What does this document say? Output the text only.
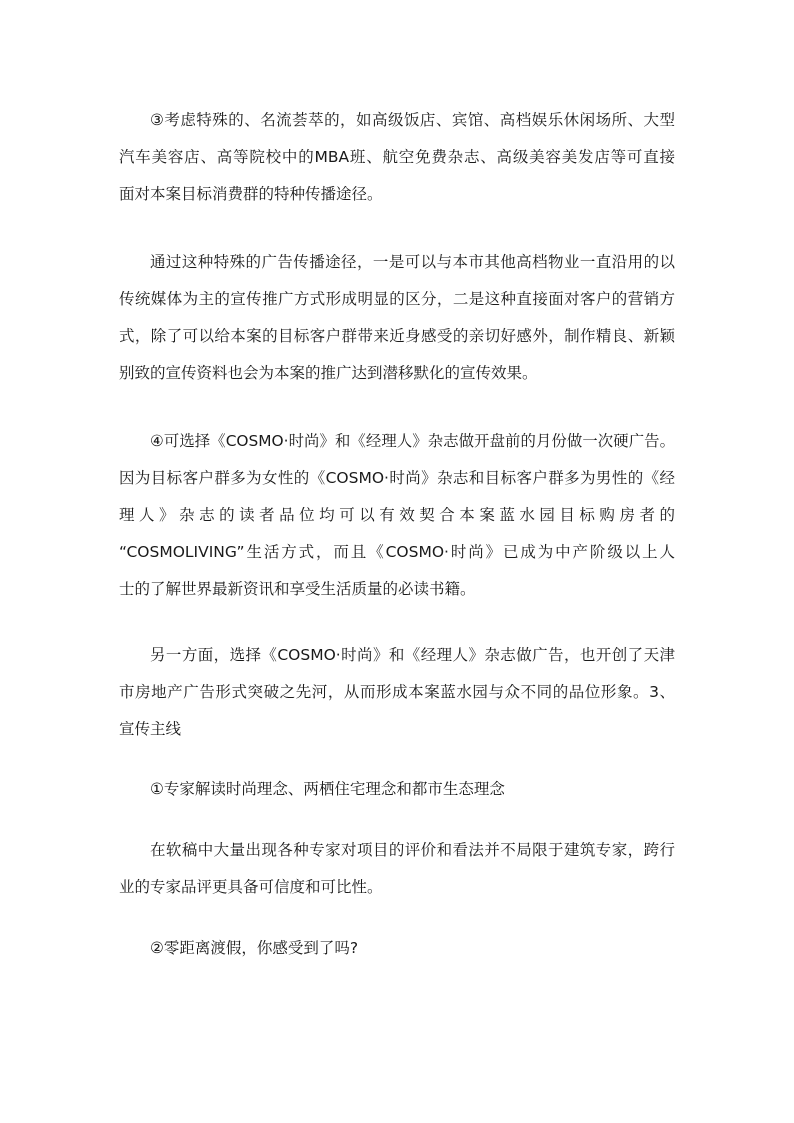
③考虑特殊的、名流荟萃的，如高级饭店、宾馆、高档娱乐休闲场所、大型
汽车美容店、高等院校中的MBA班、航空免费杂志、高级美容美发店等可直接
面对本案目标消费群的特种传播途径。

通过这种特殊的广告传播途径，一是可以与本市其他高档物业一直沿用的以
传统媒体为主的宣传推广方式形成明显的区分，二是这种直接面对客户的营销方
式，除了可以给本案的目标客户群带来近身感受的亲切好感外，制作精良、新颖
别致的宣传资料也会为本案的推广达到潜移默化的宣传效果。

④可选择《COSMO·时尚》和《经理人》杂志做开盘前的月份做一次硬广告。
因为目标客户群多为女性的《COSMO·时尚》杂志和目标客户群多为男性的《经
理人》杂志的读者品位均可以有效契合本案蓝水园目标购房者的
“COSMOLIVING”生活方式，而且《COSMO·时尚》已成为中产阶级以上人
士的了解世界最新资讯和享受生活质量的必读书籍。

另一方面，选择《COSMO·时尚》和《经理人》杂志做广告，也开创了天津
市房地产广告形式突破之先河，从而形成本案蓝水园与众不同的品位形象。3、
宣传主线

①专家解读时尚理念、两栖住宅理念和都市生态理念

在软稿中大量出现各种专家对项目的评价和看法并不局限于建筑专家，跨行
业的专家品评更具备可信度和可比性。

②零距离渡假，你感受到了吗?
